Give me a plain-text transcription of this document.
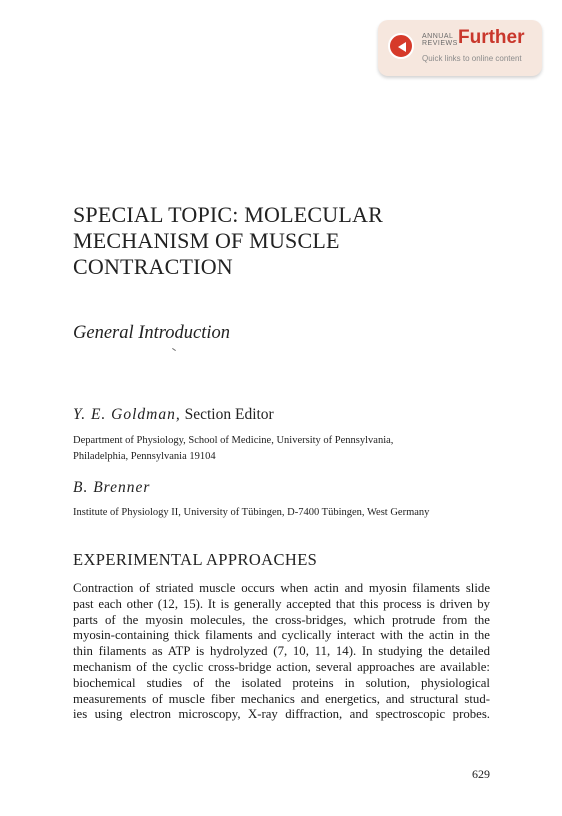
ANNUAL
REVIEWS Further
Quick links to online content
SPECIAL TOPIC: MOLECULAR
MECHANISM OF MUSCLE
CONTRACTION
General Introduction

Y. E. Goldman, Section Editor

Department of Physiology, School of Medicine, University of Pennsylvania,
Philadelphia, Pennsylvania 19104

B. Brenner

Institute of Physiology II, University of Tübingen, D-7400 Tübingen, West Germany
EXPERIMENTAL APPROACHES
Contraction of striated muscle occurs when actin and myosin filaments slide
past each other (12, 15). It is generally accepted that this process is driven by
parts of the myosin molecules, the cross-bridges, which protrude from the
myosin-containing thick filaments and cyclically interact with the actin in the
thin filaments as ATP is hydrolyzed (7, 10, 11, 14). In studying the detailed
mechanism of the cyclic cross-bridge action, several approaches are available:
biochemical studies of the isolated proteins in solution, physiological
measurements of muscle fiber mechanics and energetics, and structural stud-
ies using electron microscopy, X-ray diffraction, and spectroscopic probes.
629
